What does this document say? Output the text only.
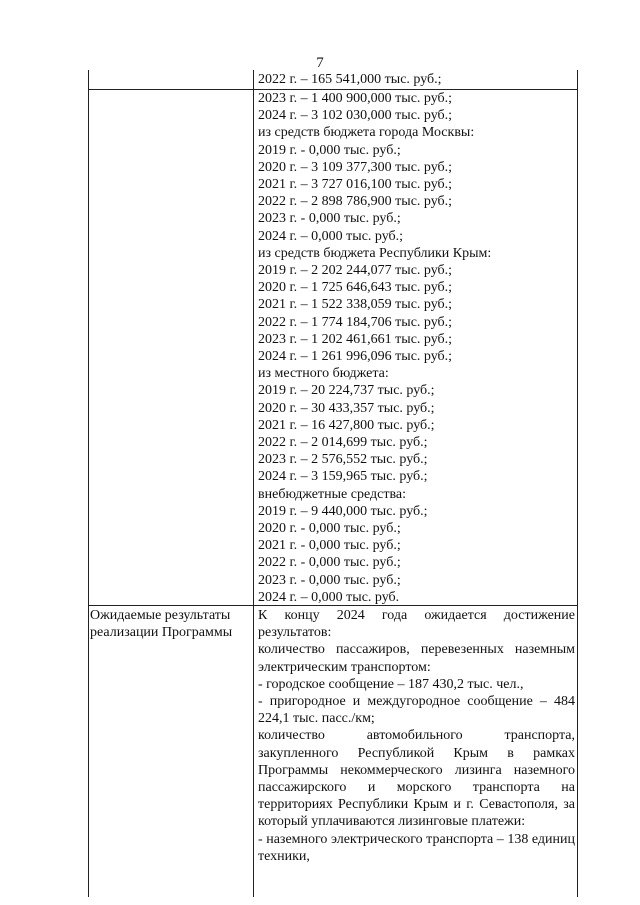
7
2022 г. – 165 541,000 тыс. руб.;
2023 г. – 1 400 900,000 тыс. руб.;
2024 г. – 3 102 030,000 тыс. руб.;
из средств бюджета города Москвы:
2019 г. - 0,000 тыс. руб.;
2020 г. – 3 109 377,300 тыс. руб.;
2021 г. – 3 727 016,100 тыс. руб.;
2022 г. – 2 898 786,900 тыс. руб.;
2023 г. - 0,000 тыс. руб.;
2024 г. – 0,000 тыс. руб.;
из средств бюджета Республики Крым:
2019 г. – 2 202 244,077 тыс. руб.;
2020 г. – 1 725 646,643 тыс. руб.;
2021 г. – 1 522 338,059 тыс. руб.;
2022 г. – 1 774 184,706 тыс. руб.;
2023 г. – 1 202 461,661 тыс. руб.;
2024 г. – 1 261 996,096 тыс. руб.;
из местного бюджета:
2019 г. – 20 224,737 тыс. руб.;
2020 г. – 30 433,357 тыс. руб.;
2021 г. – 16 427,800 тыс. руб.;
2022 г. – 2 014,699 тыс. руб.;
2023 г. – 2 576,552 тыс. руб.;
2024 г. – 3 159,965 тыс. руб.;
внебюджетные средства:
2019 г. – 9 440,000 тыс. руб.;
2020 г. - 0,000 тыс. руб.;
2021 г. - 0,000 тыс. руб.;
2022 г. - 0,000 тыс. руб.;
2023 г. - 0,000 тыс. руб.;
2024 г. – 0,000 тыс. руб.
Ожидаемые результаты реализации Программы
К концу 2024 года ожидается достижение результатов:
количество пассажиров, перевезенных наземным электрическим транспортом:
- городское сообщение – 187 430,2 тыс. чел.,
- пригородное и междугородное сообщение – 484 224,1 тыс. пасс./км;
количество автомобильного транспорта, закупленного Республикой Крым в рамках Программы некоммерческого лизинга наземного пассажирского и морского транспорта на территориях Республики Крым и г. Севастополя, за который уплачиваются лизинговые платежи:
- наземного электрического транспорта – 138 единиц техники,
